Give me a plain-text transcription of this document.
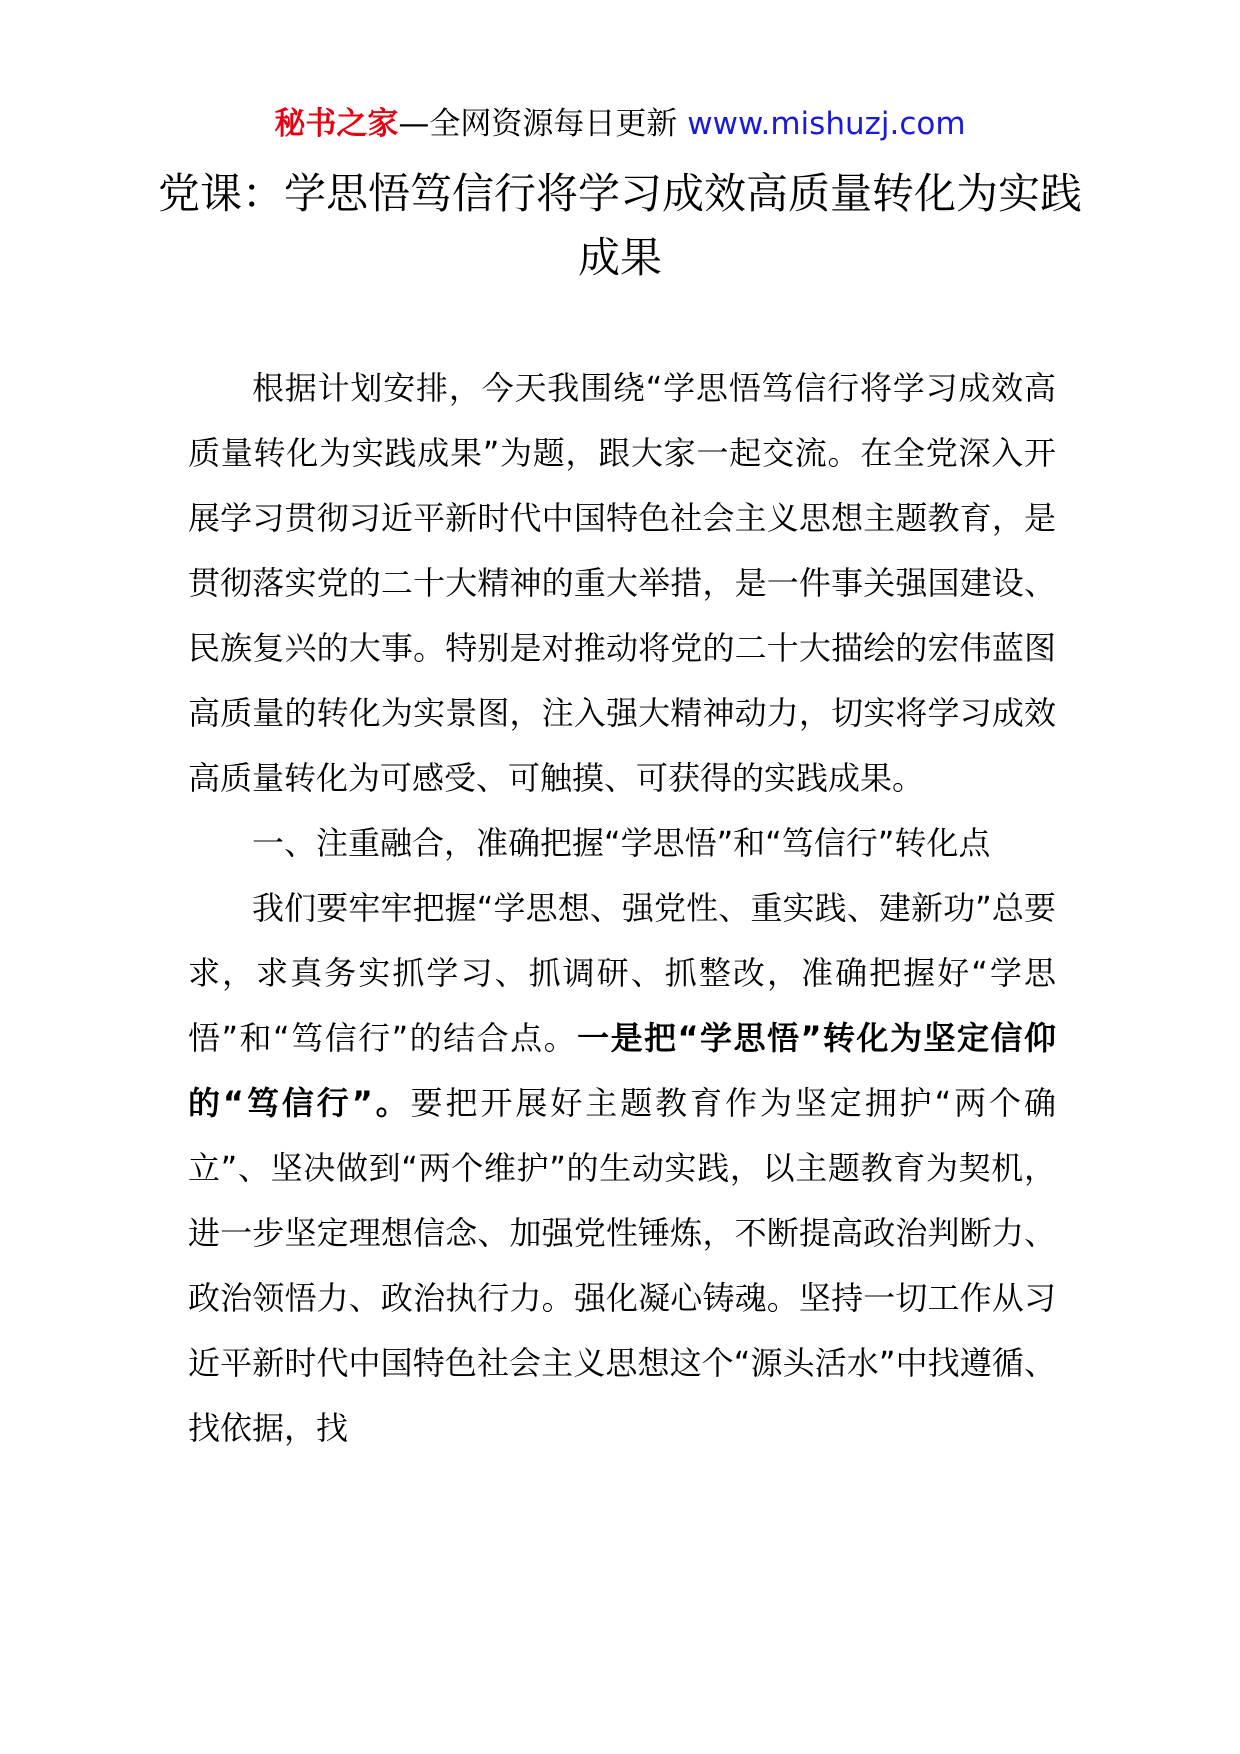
秘书之家—全网资源每日更新 www.mishuzj.com
党课：学思悟笃信行将学习成效高质量转化为实践成果

根据计划安排，今天我围绕“学思悟笃信行将学习成效高质量转化为实践成果”为题，跟大家一起交流。在全党深入开展学习贯彻习近平新时代中国特色社会主义思想主题教育，是贯彻落实党的二十大精神的重大举措，是一件事关强国建设、民族复兴的大事。特别是对推动将党的二十大描绘的宏伟蓝图高质量的转化为实景图，注入强大精神动力，切实将学习成效高质量转化为可感受、可触摸、可获得的实践成果。

一、注重融合，准确把握“学思悟”和“笃信行”转化点

我们要牢牢把握“学思想、强党性、重实践、建新功”总要求，求真务实抓学习、抓调研、抓整改，准确把握好“学思悟”和“笃信行”的结合点。一是把“学思悟”转化为坚定信仰的“笃信行”。要把开展好主题教育作为坚定拥护“两个确立”、坚决做到“两个维护”的生动实践，以主题教育为契机，进一步坚定理想信念、加强党性锤炼，不断提高政治判断力、政治领悟力、政治执行力。强化凝心铸魂。坚持一切工作从习近平新时代中国特色社会主义思想这个“源头活水”中找遵循、找依据，找
